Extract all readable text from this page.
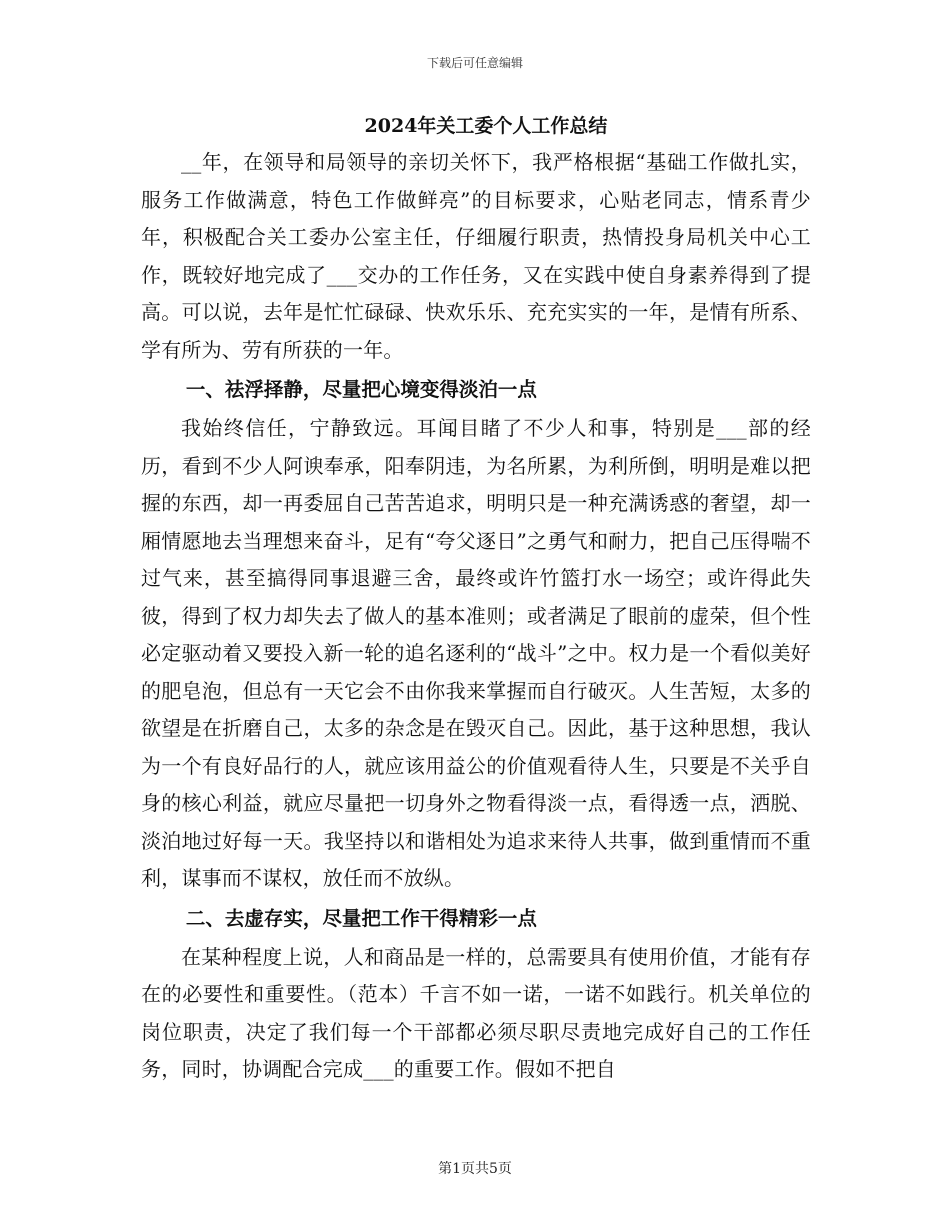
下载后可任意编辑
2024年关工委个人工作总结

__年，在领导和局领导的亲切关怀下，我严格根据“基础工作做扎实，服务工作做满意，特色工作做鲜亮”的目标要求，心贴老同志，情系青少年，积极配合关工委办公室主任，仔细履行职责，热情投身局机关中心工作，既较好地完成了___交办的工作任务，又在实践中使自身素养得到了提高。可以说，去年是忙忙碌碌、快欢乐乐、充充实实的一年，是情有所系、学有所为、劳有所获的一年。

一、祛浮择静，尽量把心境变得淡泊一点

我始终信任，宁静致远。耳闻目睹了不少人和事，特别是___部的经历，看到不少人阿谀奉承，阳奉阴违，为名所累，为利所倒，明明是难以把握的东西，却一再委屈自己苦苦追求，明明只是一种充满诱惑的奢望，却一厢情愿地去当理想来奋斗，足有“夸父逐日”之勇气和耐力，把自己压得喘不过气来，甚至搞得同事退避三舍，最终或许竹篮打水一场空；或许得此失彼，得到了权力却失去了做人的基本准则；或者满足了眼前的虚荣，但个性必定驱动着又要投入新一轮的追名逐利的“战斗”之中。权力是一个看似美好的肥皂泡，但总有一天它会不由你我来掌握而自行破灭。人生苦短，太多的欲望是在折磨自己，太多的杂念是在毁灭自己。因此，基于这种思想，我认为一个有良好品行的人，就应该用益公的价值观看待人生，只要是不关乎自身的核心利益，就应尽量把一切身外之物看得淡一点，看得透一点，洒脱、淡泊地过好每一天。我坚持以和谐相处为追求来待人共事，做到重情而不重利，谋事而不谋权，放任而不放纵。

二、去虚存实，尽量把工作干得精彩一点

在某种程度上说，人和商品是一样的，总需要具有使用价值，才能有存在的必要性和重要性。（范本）千言不如一诺，一诺不如践行。机关单位的岗位职责，决定了我们每一个干部都必须尽职尽责地完成好自己的工作任务，同时，协调配合完成___的重要工作。假如不把自

第1页共5页
